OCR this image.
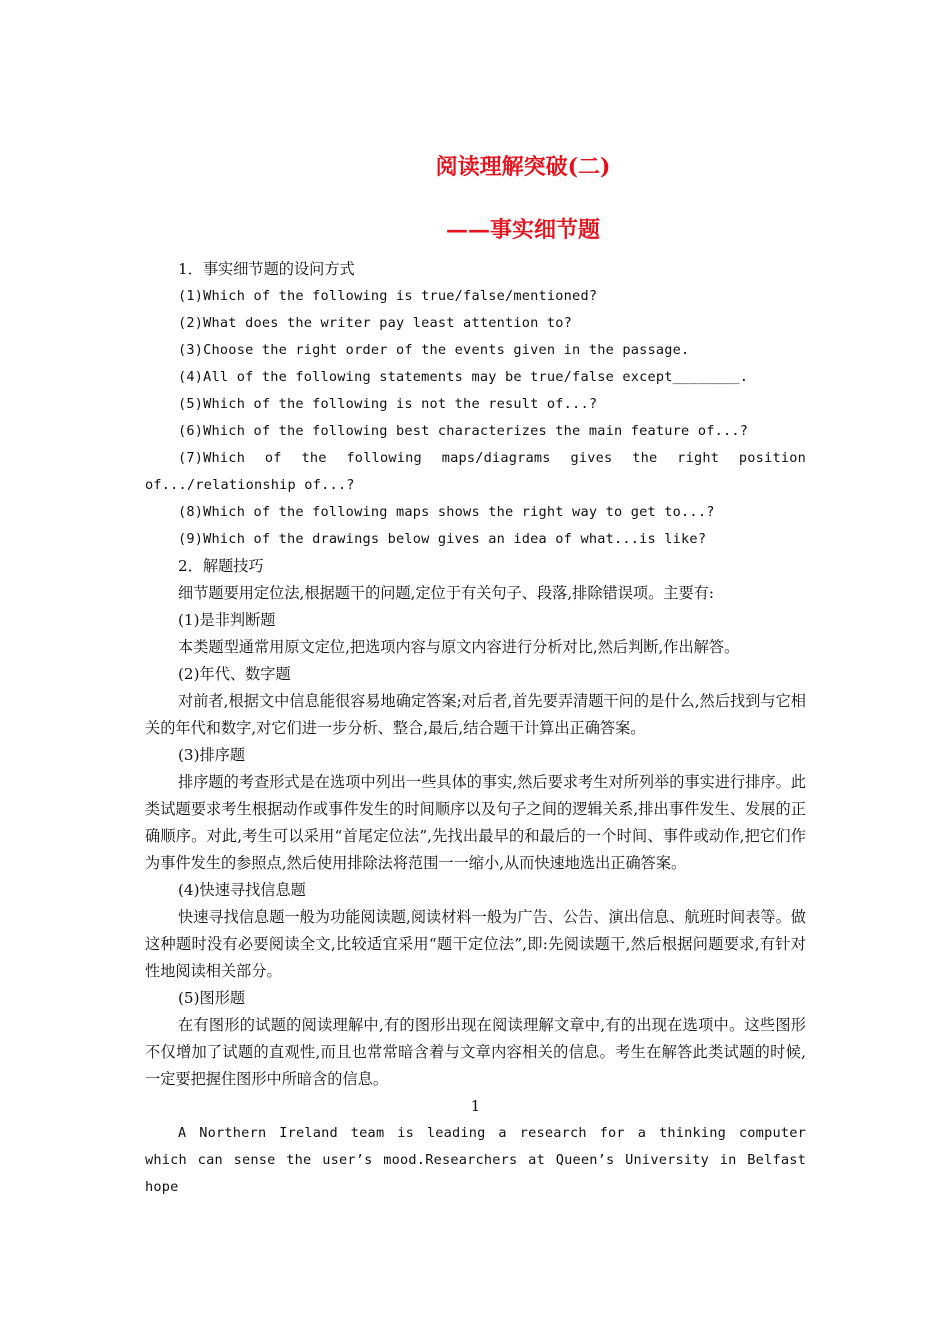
阅读理解突破(二)
——事实细节题

1．事实细节题的设问方式

(1)Which of the following is true/false/mentioned?

(2)What does the writer pay least attention to?

(3)Choose the right order of the events given in the passage.

(4)All of the following statements may be true/false except________.

(5)Which of the following is not the result of...?

(6)Which of the following best characterizes the main feature of...?

(7)Which of the following maps/diagrams gives the right position

of.../relationship of...?

(8)Which of the following maps shows the right way to get to...?

(9)Which of the drawings below gives an idea of what...is like?

2．解题技巧

细节题要用定位法,根据题干的问题,定位于有关句子、段落,排除错误项。主要有:

(1)是非判断题

本类题型通常用原文定位,把选项内容与原文内容进行分析对比,然后判断,作出解答。

(2)年代、数字题

对前者,根据文中信息能很容易地确定答案;对后者,首先要弄清题干问的是什么,然后找到与它相关的年代和数字,对它们进一步分析、整合,最后,结合题干计算出正确答案。

(3)排序题

排序题的考查形式是在选项中列出一些具体的事实,然后要求考生对所列举的事实进行排序。此类试题要求考生根据动作或事件发生的时间顺序以及句子之间的逻辑关系,排出事件发生、发展的正确顺序。对此,考生可以采用“首尾定位法”,先找出最早的和最后的一个时间、事件或动作,把它们作为事件发生的参照点,然后使用排除法将范围一一缩小,从而快速地选出正确答案。

(4)快速寻找信息题

快速寻找信息题一般为功能阅读题,阅读材料一般为广告、公告、演出信息、航班时间表等。做这种题时没有必要阅读全文,比较适宜采用“题干定位法”,即:先阅读题干,然后根据问题要求,有针对性地阅读相关部分。

(5)图形题

在有图形的试题的阅读理解中,有的图形出现在阅读理解文章中,有的出现在选项中。这些图形不仅增加了试题的直观性,而且也常常暗含着与文章内容相关的信息。考生在解答此类试题的时候,一定要把握住图形中所暗含的信息。

1

A Northern Ireland team is leading a research for a thinking computer which can sense the user’s mood.Researchers at Queen’s University in Belfast hope
